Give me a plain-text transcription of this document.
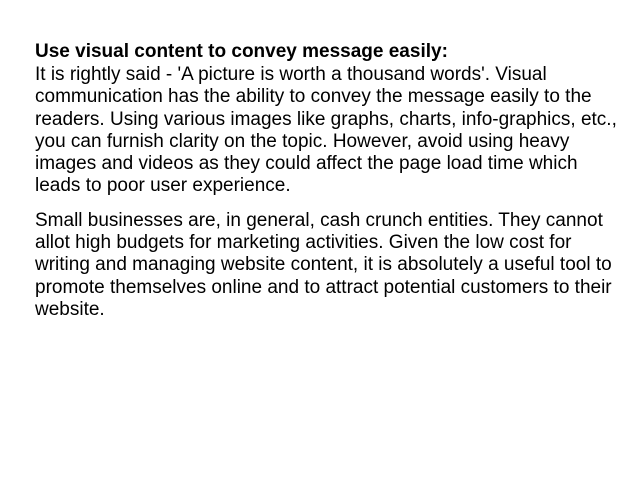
Use visual content to convey message easily:

It is rightly said - 'A picture is worth a thousand words'. Visual communication has the ability to convey the message easily to the readers. Using various images like graphs, charts, info-graphics, etc., you can furnish clarity on the topic. However, avoid using heavy images and videos as they could affect the page load time which leads to poor user experience.

Small businesses are, in general, cash crunch entities. They cannot allot high budgets for marketing activities. Given the low cost for writing and managing website content, it is absolutely a useful tool to promote themselves online and to attract potential customers to their website.
